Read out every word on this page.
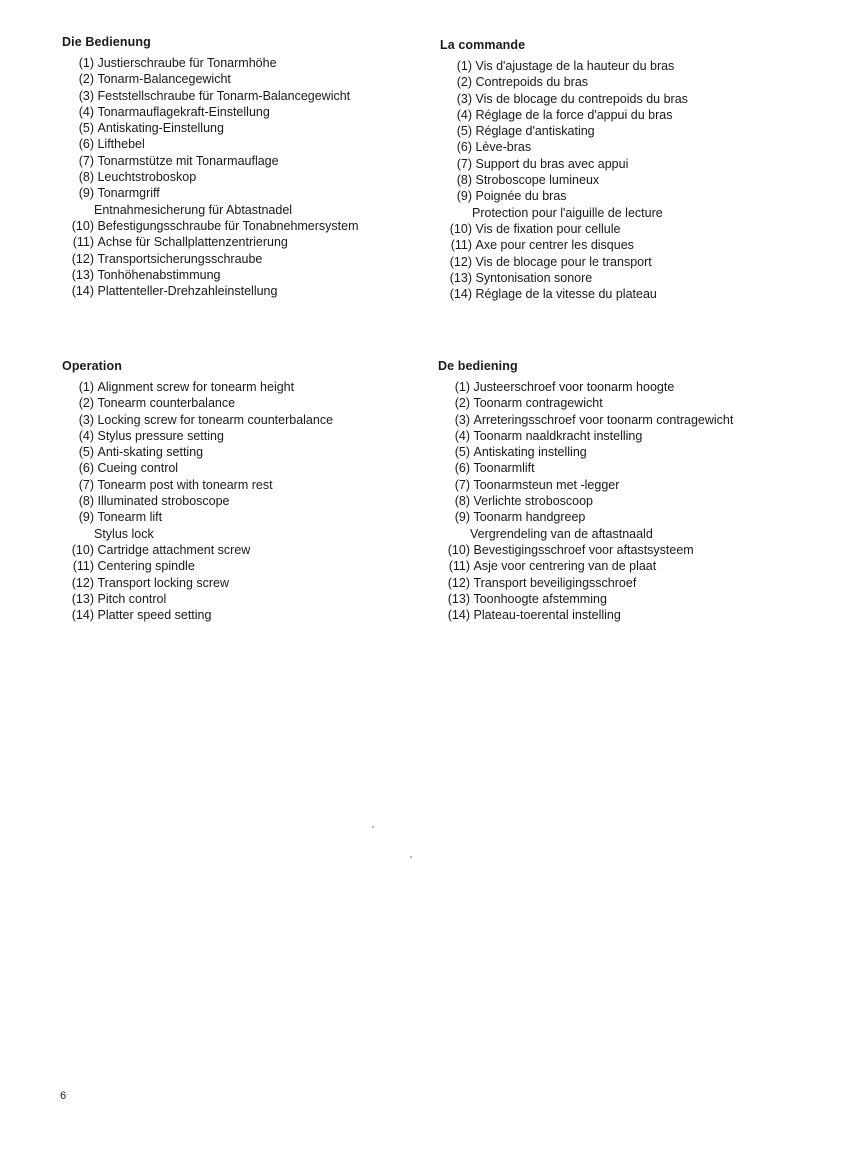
Die Bedienung
(1)
Justierschraube für Tonarmhöhe
(2)
Tonarm-Balancegewicht
(3)
Feststellschraube für Tonarm-Balancegewicht
(4)
Tonarmauflagekraft-Einstellung
(5)
Antiskating-Einstellung
(6)
Lifthebel
(7)
Tonarmstütze mit Tonarmauflage
(8)
Leuchtstroboskop
(9)
Tonarmgriff
Entnahmesicherung für Abtastnadel
(10)
Befestigungsschraube für Tonabnehmersystem
(11)
Achse für Schallplattenzentrierung
(12)
Transportsicherungsschraube
(13)
Tonhöhenabstimmung
(14)
Plattenteller-Drehzahleinstellung
La commande
(1)
Vis d'ajustage de la hauteur du bras
(2)
Contrepoids du bras
(3)
Vis de blocage du contrepoids du bras
(4)
Réglage de la force d'appui du bras
(5)
Réglage d'antiskating
(6)
Lève-bras
(7)
Support du bras avec appui
(8)
Stroboscope lumineux
(9)
Poignée du bras
Protection pour l'aiguille de lecture
(10)
Vis de fixation pour cellule
(11)
Axe pour centrer les disques
(12)
Vis de blocage pour le transport
(13)
Syntonisation sonore
(14)
Réglage de la vitesse du plateau
Operation
(1)
Alignment screw for tonearm height
(2)
Tonearm counterbalance
(3)
Locking screw for tonearm counterbalance
(4)
Stylus pressure setting
(5)
Anti-skating setting
(6)
Cueing control
(7)
Tonearm post with tonearm rest
(8)
Illuminated stroboscope
(9)
Tonearm lift
Stylus lock
(10)
Cartridge attachment screw
(11)
Centering spindle
(12)
Transport locking screw
(13)
Pitch control
(14)
Platter speed setting
De bediening
(1)
Justeerschroef voor toonarm hoogte
(2)
Toonarm contragewicht
(3)
Arreteringsschroef voor toonarm contragewicht
(4)
Toonarm naaldkracht instelling
(5)
Antiskating instelling
(6)
Toonarmlift
(7)
Toonarmsteun met -legger
(8)
Verlichte stroboscoop
(9)
Toonarm handgreep
Vergrendeling van de aftastnaald
(10)
Bevestigingsschroef voor aftastsysteem
(11)
Asje voor centrering van de plaat
(12)
Transport beveiligingsschroef
(13)
Toonhoogte afstemming
(14)
Plateau-toerental instelling
6
